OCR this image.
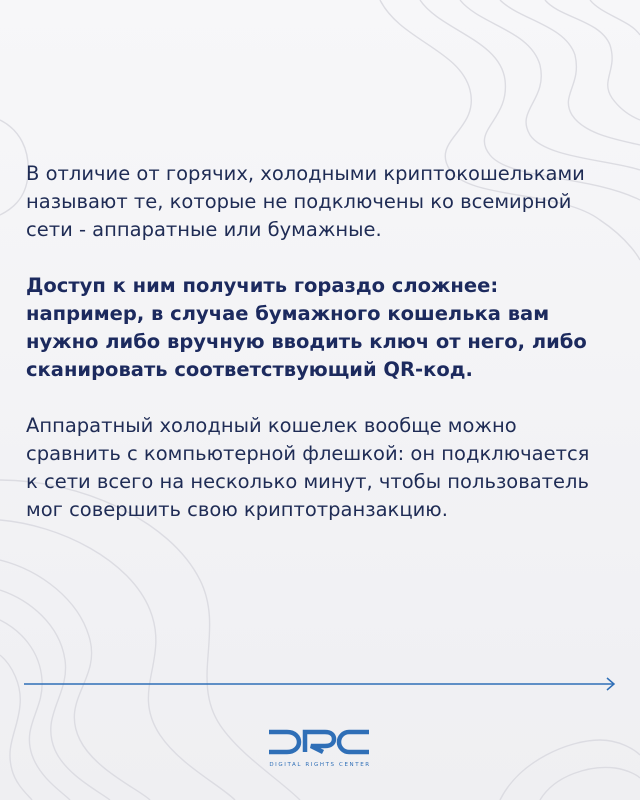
В отличие от горячих, холодными криптокошельками называют те, которые не подключены ко всемирной сети - аппаратные или бумажные.

Доступ к ним получить гораздо сложнее: например, в случае бумажного кошелька вам нужно либо вручную вводить ключ от него, либо сканировать соответствующий QR-код.

Аппаратный холодный кошелек вообще можно сравнить с компьютерной флешкой: он подключается к сети всего на несколько минут, чтобы пользователь мог совершить свою криптотранзакцию.

DIGITAL RIGHTS CENTER
